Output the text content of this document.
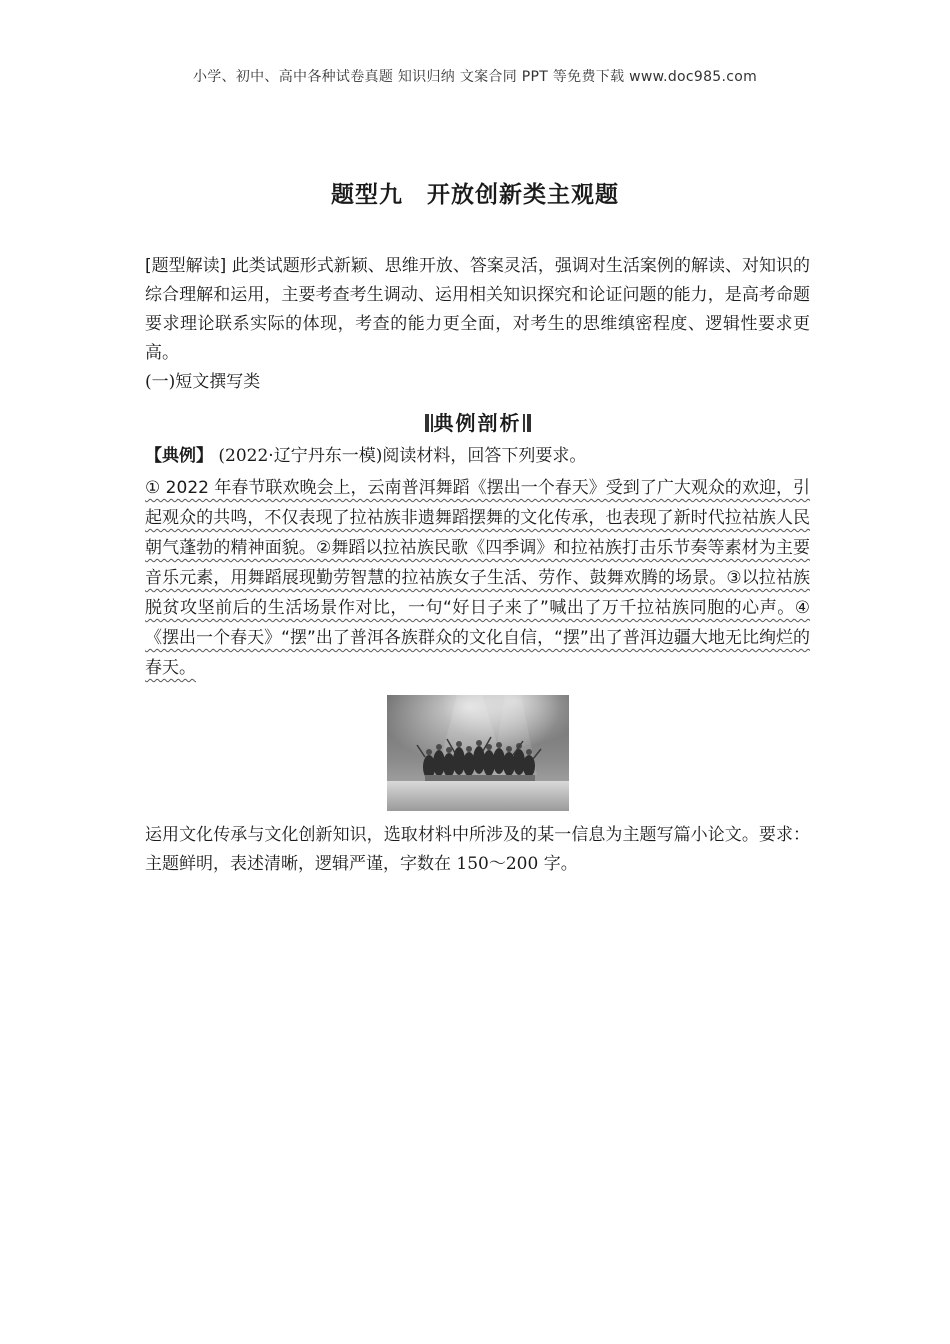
小学、初中、高中各种试卷真题 知识归纳 文案合同 PPT 等免费下载 www.doc985.com
题型九　开放创新类主观题

[题型解读] 此类试题形式新颖、思维开放、答案灵活，强调对生活案例的解读、对知识的综合理解和运用，主要考查考生调动、运用相关知识探究和论证问题的能力，是高考命题要求理论联系实际的体现，考查的能力更全面，对考生的思维缜密程度、逻辑性要求更高。

(一)短文撰写类

典例剖析
【典例】 (2022·辽宁丹东一模)阅读材料，回答下列要求。
① 2022 年春节联欢晚会上，云南普洱舞蹈《摆出一个春天》受到了广大观众的欢迎，引起观众的共鸣，不仅表现了拉祜族非遗舞蹈摆舞的文化传承，也表现了新时代拉祜族人民朝气蓬勃的精神面貌。②舞蹈以拉祜族民歌《四季调》和拉祜族打击乐节奏等素材为主要音乐元素，用舞蹈展现勤劳智慧的拉祜族女子生活、劳作、鼓舞欢腾的场景。③以拉祜族脱贫攻坚前后的生活场景作对比，一句“好日子来了”喊出了万千拉祜族同胞的心声。④《摆出一个春天》“摆”出了普洱各族群众的文化自信，“摆”出了普洱边疆大地无比绚烂的春天。
运用文化传承与文化创新知识，选取材料中所涉及的某一信息为主题写篇小论文。要求：主题鲜明，表述清晰，逻辑严谨，字数在 150～200 字。
